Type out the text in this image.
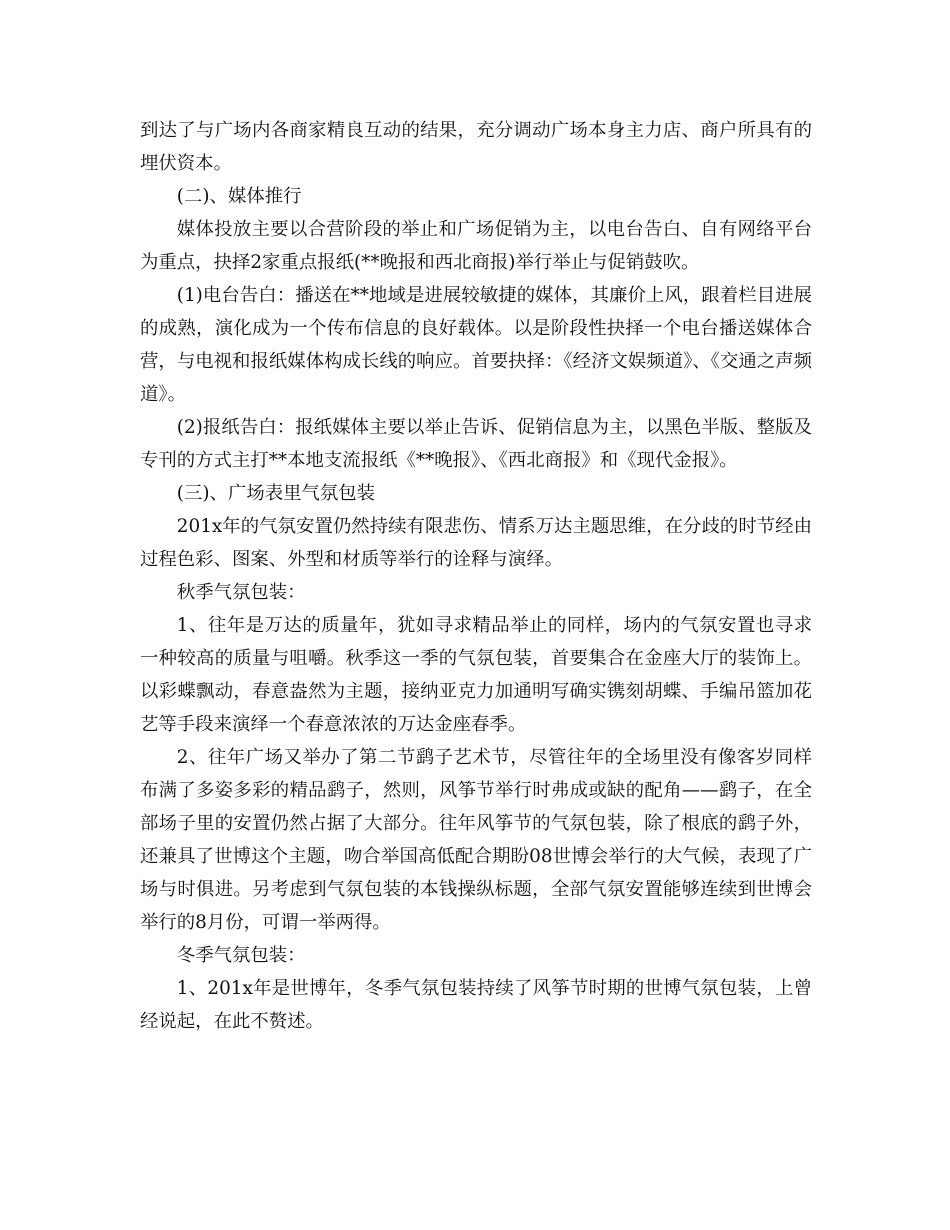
到达了与广场内各商家精良互动的结果，充分调动广场本身主力店、商户所具有的埋伏资本。

(二)、媒体推行

媒体投放主要以合营阶段的举止和广场促销为主，以电台告白、自有网络平台为重点，抉择2家重点报纸(**晚报和西北商报)举行举止与促销鼓吹。

(1)电台告白：播送在**地域是进展较敏捷的媒体，其廉价上风，跟着栏目进展的成熟，演化成为一个传布信息的良好载体。以是阶段性抉择一个电台播送媒体合营，与电视和报纸媒体构成长线的响应。首要抉择：《经济文娱频道》、《交通之声频道》。

(2)报纸告白：报纸媒体主要以举止告诉、促销信息为主，以黑色半版、整版及专刊的方式主打**本地支流报纸《**晚报》、《西北商报》和《现代金报》。

(三)、广场表里气氛包装

201x年的气氛安置仍然持续有限悲伤、情系万达主题思维，在分歧的时节经由过程色彩、图案、外型和材质等举行的诠释与演绎。

秋季气氛包装：

1、往年是万达的质量年，犹如寻求精品举止的同样，场内的气氛安置也寻求一种较高的质量与咀嚼。秋季这一季的气氛包装，首要集合在金座大厅的装饰上。以彩蝶飘动，春意盎然为主题，接纳亚克力加通明写确实镌刻胡蝶、手编吊篮加花艺等手段来演绎一个春意浓浓的万达金座春季。

2、往年广场又举办了第二节鹞子艺术节，尽管往年的全场里没有像客岁同样布满了多姿多彩的精品鹞子，然则，风筝节举行时弗成或缺的配角——鹞子，在全部场子里的安置仍然占据了大部分。往年风筝节的气氛包装，除了根底的鹞子外，还兼具了世博这个主题，吻合举国高低配合期盼08世博会举行的大气候，表现了广场与时俱进。另考虑到气氛包装的本钱操纵标题，全部气氛安置能够连续到世博会举行的8月份，可谓一举两得。

冬季气氛包装：

1、201x年是世博年，冬季气氛包装持续了风筝节时期的世博气氛包装，上曾经说起，在此不赘述。
